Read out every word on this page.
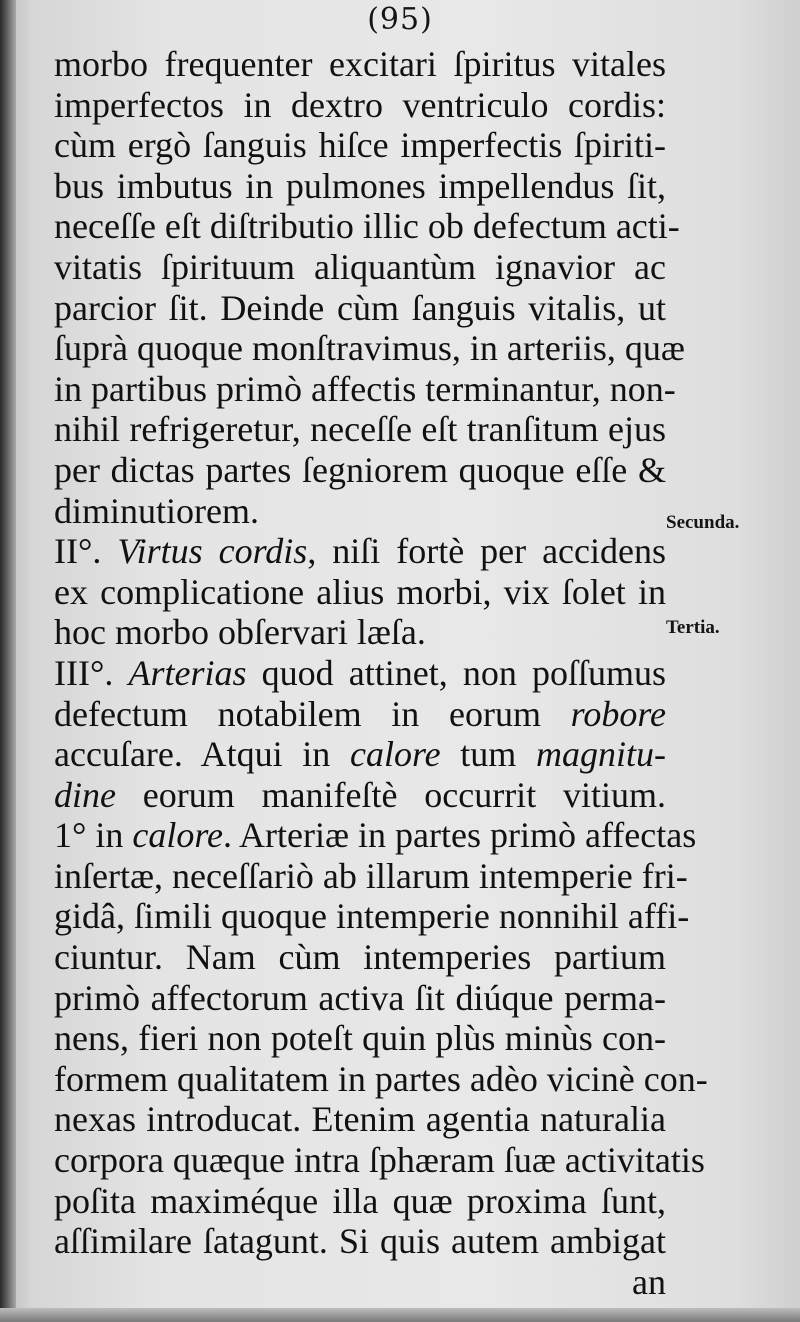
(95)
morbo frequenter excitari ſpiritus vitales
imperfectos in dextro ventriculo cordis:
cùm ergò ſanguis hiſce imperfectis ſpiriti-
bus imbutus in pulmones impellendus ſit,
neceſſe eſt diſtributio illic ob defectum acti-
vitatis ſpirituum aliquantùm ignavior ac
parcior ſit. Deinde cùm ſanguis vitalis, ut
ſuprà quoque monſtravimus, in arteriis, quæ
in partibus primò affectis terminantur, non-
nihil refrigeretur, neceſſe eſt tranſitum ejus
per dictas partes ſegniorem quoque eſſe &
diminutiorem.
II°. Virtus cordis, niſi fortè per accidens
ex complicatione alius morbi, vix ſolet in
hoc morbo obſervari læſa.
III°. Arterias quod attinet, non poſſumus
defectum notabilem in eorum robore
accuſare. Atqui in calore tum magnitu-
dine eorum manifeſtè occurrit vitium.
1° in calore. Arteriæ in partes primò affectas
inſertæ, neceſſariò ab illarum intemperie fri-
gidâ, ſimili quoque intemperie nonnihil affi-
ciuntur. Nam cùm intemperies partium
primò affectorum activa ſit diúque perma-
nens, fieri non poteſt quin plùs minùs con-
formem qualitatem in partes adèo vicinè con-
nexas introducat. Etenim agentia naturalia
corpora quæque intra ſphæram ſuæ activitatis
poſita maximéque illa quæ proxima ſunt,
aſſimilare ſatagunt. Si quis autem ambigat
an
Secunda.
Tertia.
